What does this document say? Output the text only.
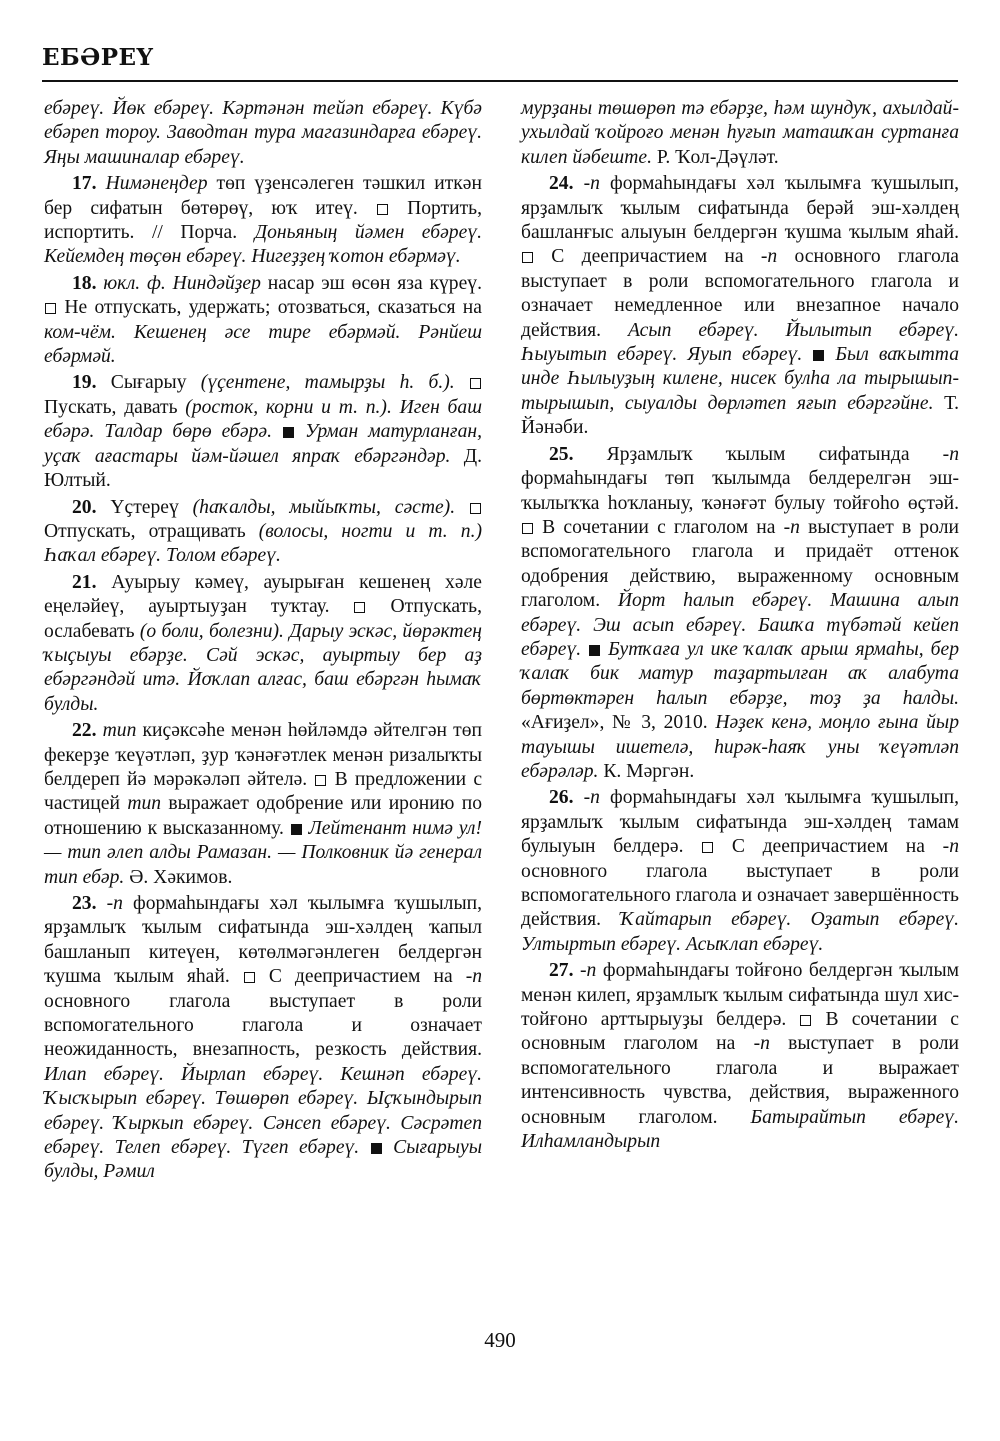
ЕБӘРЕҮ

ебәреү. Йөк ебәреү. Кәртәнән тейәп ебәреү. Күбә ебәреп тороу. Заводтан тура магазиндарға ебәреү. Яңы машиналар ебәреү.

17. Нимәнеңдер төп үҙенсәлеген тәшкил иткән бер сифатын бөтөрөү, юҡ итеү.  Портить, испортить. // Порча. Доньяның йәмен ебәреү. Кейемдең төҫөн ебәреү. Нигеҙҙең ҡотон ебәрмәү.

18. юкл. ф. Ниндәйҙер насар эш өсөн яза күреү.  Не отпускать, удержать; отозваться, сказаться на ком-чём. Кешенең әсе тире ебәрмәй. Рәнйеш ебәрмәй.

19. Сығарыу (үҫентене, тамырҙы һ. б.).  Пускать, давать (росток, корни и т. п.). Иген баш ебәрә. Талдар бөрө ебәрә.  Урман матурланған, уҫаҡ ағастары йәм-йәшел япраҡ ебәргәндәр. Д. Юлтый.

20. Үҫтереү (һаҡалды, мыйыҡты, сәсте).  Отпускать, отращивать (волосы, ногти и т. п.) Һаҡал ебәреү. Толом ебәреү.

21. Ауырыу кәмеү, ауырыған кешенең хәле еңеләйеү, ауыртыуҙан туҡтау.  Отпускать, ослабевать (о боли, болезни). Дарыу эскәс, йөрәктең ҡыҫыуы ебәрҙе. Сәй эскәс, ауыртыу бер аҙ ебәргәндәй итә. Йоҡлап алғас, баш ебәргән һымаҡ булды.

22. тип киҫәксәһе менән һөйләмдә әйтелгән төп фекерҙе ҡеүәтләп, ҙур ҡәнәғәтлек менән ризалыҡты белдереп йә мәрәкәләп әйтелә.  В предложении с частицей тип выражает одобрение или иронию по отношению к высказанному.  Лейтенант нимә ул! — тип әлеп алды Рамазан. — Полковник йә генерал тип ебәр. Ә. Хәкимов.

23. -п формаһындағы хәл ҡылымға ҡушылып, ярҙамлыҡ ҡылым сифатында эш-хәлдең ҡапыл башланып китеүен, көтөлмәгәнлеген белдергән ҡушма ҡылым яһай.  С деепричастием на -п основного глагола выступает в роли вспомогательного глагола и означает неожиданность, внезапность, резкость действия. Илап ебәреү. Йырлап ебәреү. Кешнәп ебәреү. Ҡысҡырып ебәреү. Төшөрөп ебәреү. Ыҫҡындырып ебәреү. Ҡыркып ебәреү. Сәнсеп ебәреү. Сәсрәтеп ебәреү. Телеп ебәреү. Түгеп ебәреү.  Сығарыуы булды, Рәмил

мурҙаны төшөрөп тә ебәрҙе, һәм шундуҡ, ахылдай-ухылдай ҡойроғо менән һуғып маташҡан суртанға килеп йәбеште. Р. Ҡол-Дәүләт.

24. -п формаһындағы хәл ҡылымға ҡушылып, ярҙамлыҡ ҡылым сифатында берәй эш-хәлдең башланғыс алыуын белдергән ҡушма ҡылым яһай.  С деепричастием на -п основного глагола выступает в роли вспомогательного глагола и означает немедленное или внезапное начало действия. Асып ебәреү. Йылытып ебәреү. Һыуытып ебәреү. Яуып ебәреү.  Был ваҡытта инде Һылыуҙың килене, нисек булһа ла тырышып-тырышып, сыуалды дөрләтеп яғып ебәргәйне. Т. Йәнәби.

25. Ярҙамлыҡ ҡылым сифатында -п формаһындағы төп ҡылымда белдерелгән эш-ҡылыҡҡа һоҡланыу, ҡәнәғәт булыу тойғоһо өҫтәй.  В сочетании с глаголом на -п выступает в роли вспомогательного глагола и придаёт оттенок одобрения действию, выраженному основным глаголом. Йорт һалып ебәреү. Машина алып ебәреү. Эш асып ебәреү. Башҡа түбәтәй кейеп ебәреү.  Бутҡаға ул ике ҡалаҡ арыш ярмаһы, бер ҡалаҡ бик матур таҙартылған аҡ алабута бөртөктәрен һалып ебәрҙе, тоҙ ҙа һалды. «Ағиҙел», № 3, 2010. Нәҙек кенә, моңло ғына йыр тауышы ишетелә, һирәк-һаяҡ уны ҡеүәтләп ебәрәләр. К. Мәргән.

26. -п формаһындағы хәл ҡылымға ҡушылып, ярҙамлыҡ ҡылым сифатында эш-хәлдең тамам булыуын белдерә.  С деепричастием на -п основного глагола выступает в роли вспомогательного глагола и означает завершённость действия. Ҡайтарып ебәреү. Оҙатып ебәреү. Ултыртып ебәреү. Асыҡлап ебәреү.

27. -п формаһындағы тойғоно белдергән ҡылым менән килеп, ярҙамлыҡ ҡылым сифатында шул хис-тойғоно арттырыуҙы белдерә.  В сочетании с основным глаголом на -п выступает в роли вспомогательного глагола и выражает интенсивность чувства, действия, выраженного основным глаголом. Батырайтып ебәреү. Илһамландырып

490
